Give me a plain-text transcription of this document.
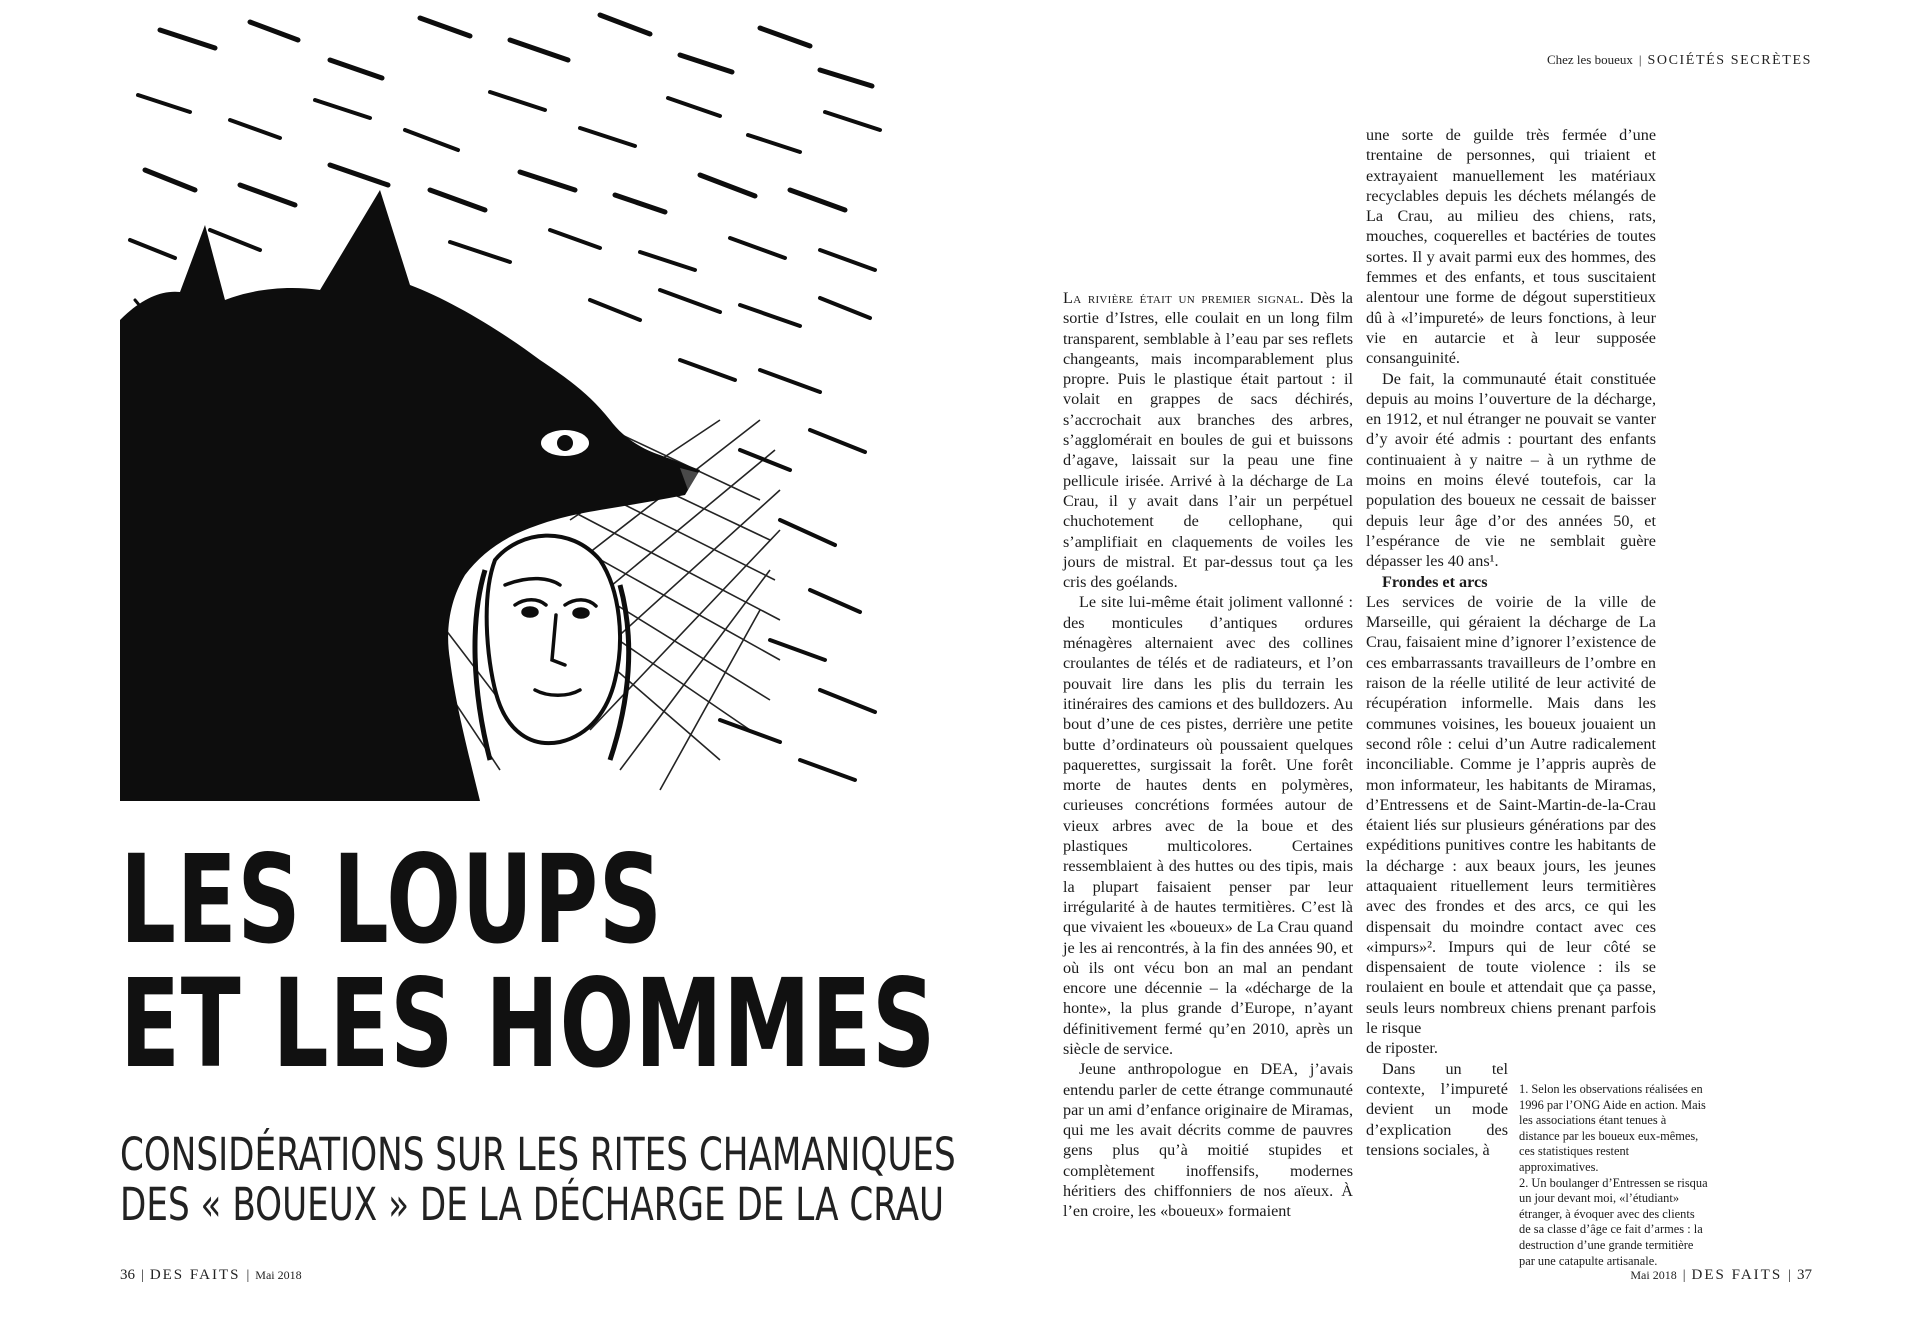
LES LOUPS
ET LES HOMMES
CONSIDÉRATIONS SUR LES RITES CHAMANIQUES
DES « BOUEUX » DE LA DÉCHARGE DE LA CRAU
36 | DES FAITS | Mai 2018
Chez les boueux | SOCIÉTÉS SECRÈTES

La rivière était un premier signal. Dès la sortie d’Istres, elle coulait en un long film transparent, semblable à l’eau par ses reflets changeants, mais incomparablement plus propre. Puis le plastique était partout : il volait en grappes de sacs déchirés, s’accrochait aux branches des arbres, s’agglomérait en boules de gui et buissons d’agave, laissait sur la peau une fine pellicule irisée. Arrivé à la décharge de La Crau, il y avait dans l’air un perpétuel chuchotement de cellophane, qui s’amplifiait en claquements de voiles les jours de mistral. Et par-dessus tout ça les cris des goélands.

Le site lui-même était joliment vallonné : des monticules d’antiques ordures ménagères alternaient avec des collines croulantes de télés et de radiateurs, et l’on pouvait lire dans les plis du terrain les itinéraires des camions et des bulldozers. Au bout d’une de ces pistes, derrière une petite butte d’ordinateurs où poussaient quelques paquerettes, surgissait la forêt. Une forêt morte de hautes dents en polymères, curieuses concrétions formées autour de vieux arbres avec de la boue et des plastiques multicolores. Certaines ressemblaient à des huttes ou des tipis, mais la plupart faisaient penser par leur irrégularité à de hautes termitières. C’est là que vivaient les «boueux» de La Crau quand je les ai rencontrés, à la fin des années 90, et où ils ont vécu bon an mal an pendant encore une décennie – la «décharge de la honte», la plus grande d’Europe, n’ayant définitivement fermé qu’en 2010, après un siècle de service.

Jeune anthropologue en DEA, j’avais entendu parler de cette étrange communauté par un ami d’enfance originaire de Miramas, qui me les avait décrits comme de pauvres gens plus qu’à moitié stupides et complètement inoffensifs, modernes héritiers des chiffonniers de nos aïeux. À l’en croire, les «boueux» formaient

une sorte de guilde très fermée d’une trentaine de personnes, qui triaient et extrayaient manuellement les matériaux recyclables depuis les déchets mélangés de La Crau, au milieu des chiens, rats, mouches, coquerelles et bactéries de toutes sortes. Il y avait parmi eux des hommes, des femmes et des enfants, et tous suscitaient alentour une forme de dégout superstitieux dû à «l’impureté» de leurs fonctions, à leur vie en autarcie et à leur supposée consanguinité.

De fait, la communauté était constituée depuis au moins l’ouverture de la décharge, en 1912, et nul étranger ne pouvait se vanter d’y avoir été admis : pourtant des enfants continuaient à y naitre – à un rythme de moins en moins élevé toutefois, car la population des boueux ne cessait de baisser depuis leur âge d’or des années 50, et l’espérance de vie ne semblait guère dépasser les 40 ans¹.

Frondes et arcs

Les services de voirie de la ville de Marseille, qui géraient la décharge de La Crau, faisaient mine d’ignorer l’existence de ces embarrassants travailleurs de l’ombre en raison de la réelle utilité de leur activité de récupération informelle. Mais dans les communes voisines, les boueux jouaient un second rôle : celui d’un Autre radicalement inconciliable. Comme je l’appris auprès de mon informateur, les habitants de Miramas, d’Entressens et de Saint-Martin-de-la-Crau étaient liés sur plusieurs générations par des expéditions punitives contre les habitants de la décharge : aux beaux jours, les jeunes attaquaient rituellement leurs termitières avec des frondes et des arcs, ce qui les dispensait du moindre contact avec ces «impurs»². Impurs qui de leur côté se dispensaient de toute violence : ils se roulaient en boule et attendait que ça passe, seuls leurs nombreux chiens prenant parfois le risque

de riposter.

Dans un tel contexte, l’impureté devient un mode d’explication des tensions sociales, à

1. Selon les observations réalisées en 1996 par l’ONG Aide en action. Mais les associations étant tenues à distance par les boueux eux-mêmes, ces statistiques restent approximatives.

2. Un boulanger d’Entressen se risqua un jour devant moi, «l’étudiant» étranger, à évoquer avec des clients de sa classe d’âge ce fait d’armes : la destruction d’une grande termitière par une catapulte artisanale.

Mai 2018 | DES FAITS | 37
